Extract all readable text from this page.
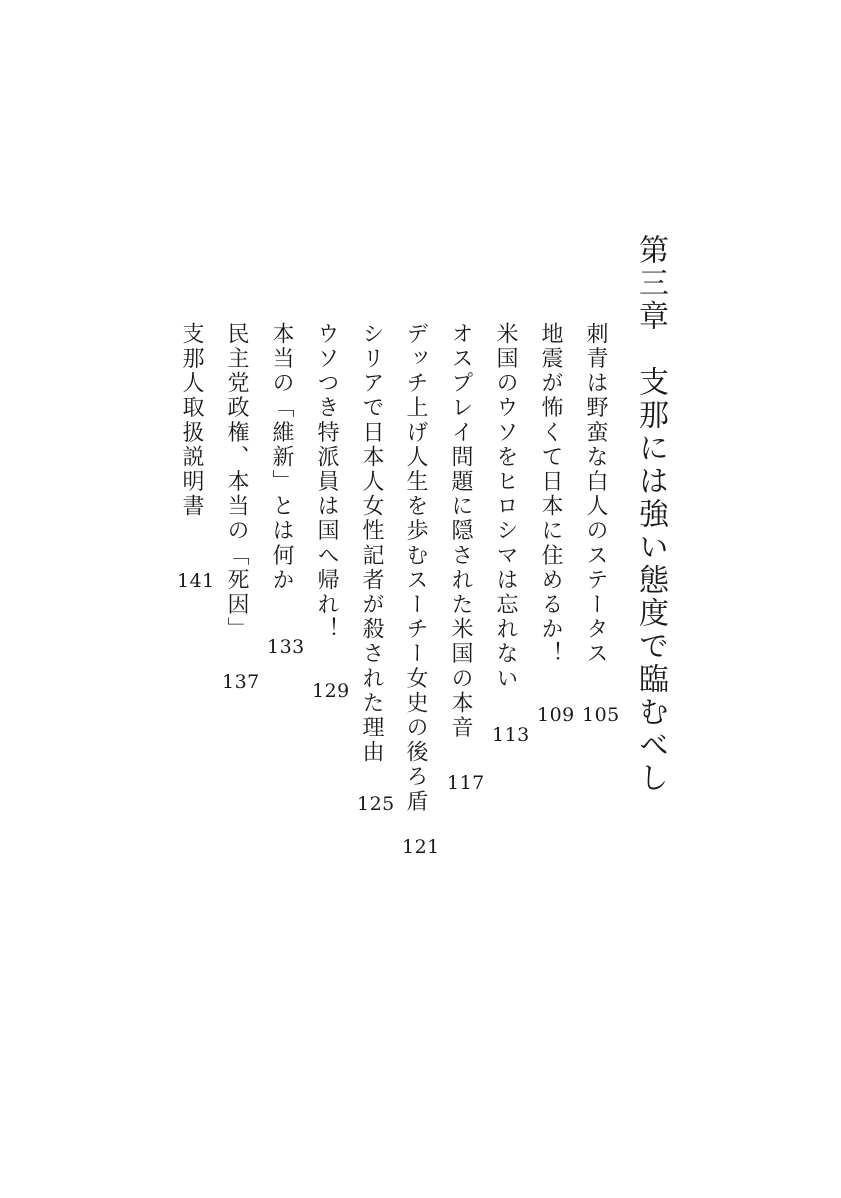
第三章　支那には強い態度で臨むべし
刺青は野蛮な白人のステータス
地震が怖くて日本に住めるか！
米国のウソをヒロシマは忘れない
オスプレイ問題に隠された米国の本音
デッチ上げ人生を歩むスーチー女史の後ろ盾
シリアで日本人女性記者が殺された理由
ウソつき特派員は国へ帰れ！
本当の「維新」とは何か
民主党政権、本当の「死因」
支那人取扱説明書
105
109
113
117
121
125
129
133
137
141
